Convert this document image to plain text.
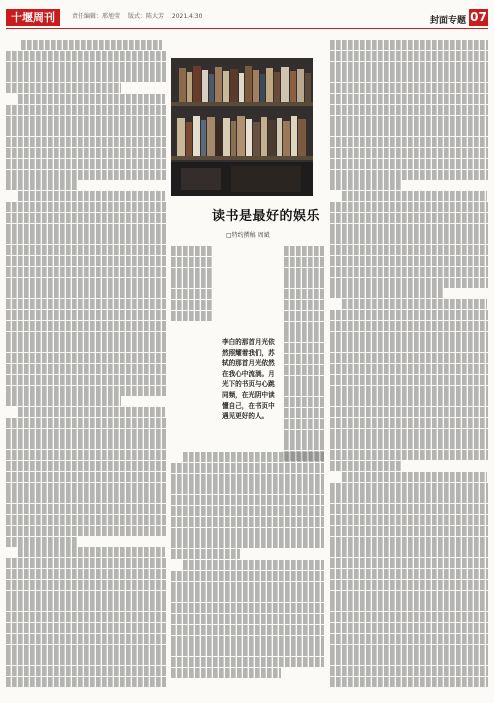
十堰周刊	责任编辑：邢旭莹 版式：陈大芳 2021.4.30	封面专题 07
读书是最好的娱乐
□特约撰稿 周斌
李白的那首月光依然照耀着我们，苏轼的那首月光依然在我心中流淌。月光下的书页与心跳同频，在光阴中读懂自己，在书页中遇见更好的人。
